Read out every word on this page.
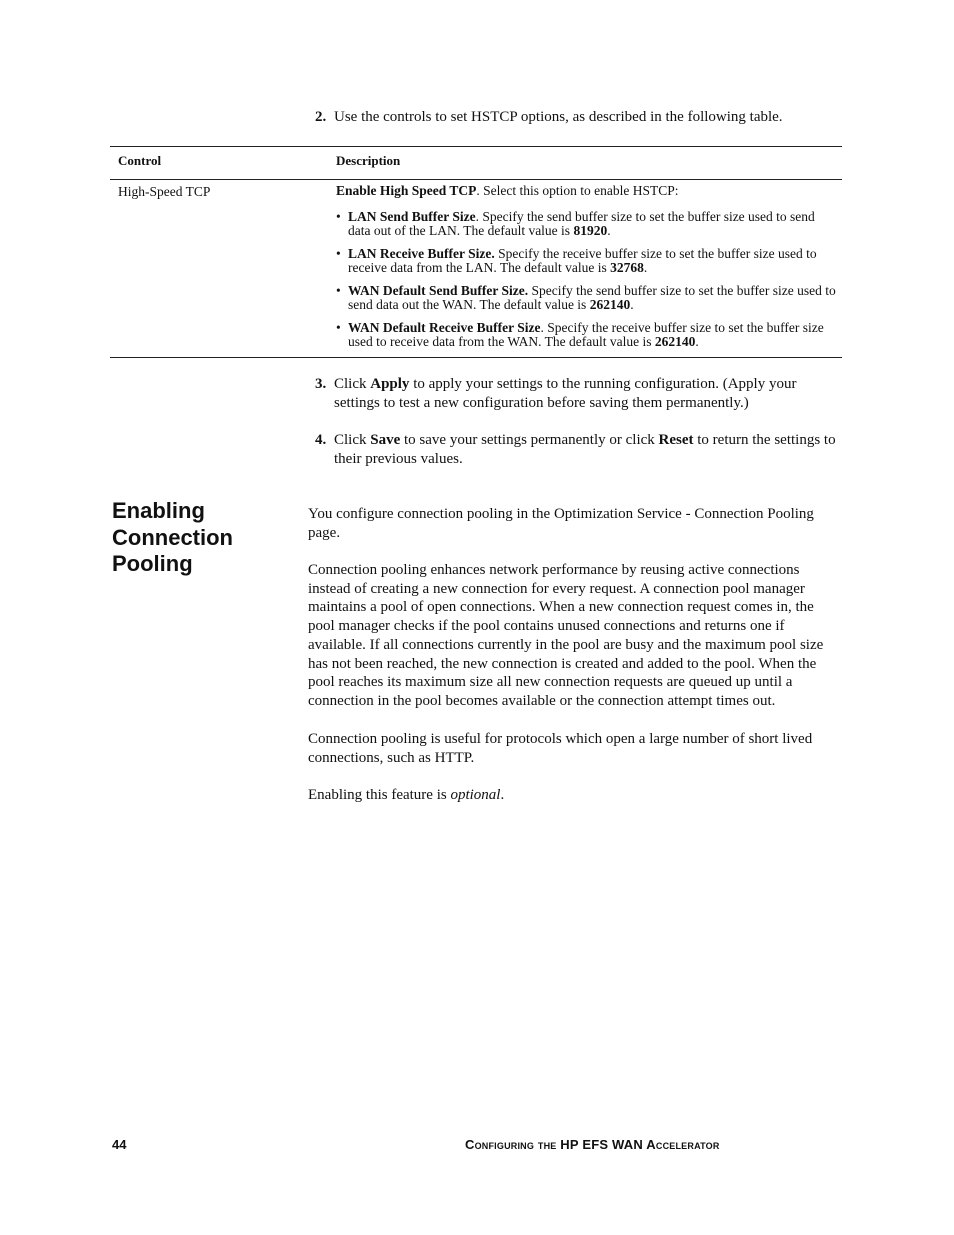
2. Use the controls to set HSTCP options, as described in the following table.
Control	Description
High-Speed TCP	Enable High Speed TCP. Select this option to enable HSTCP:

• LAN Send Buffer Size. Specify the send buffer size to set the buffer size used to send data out of the LAN. The default value is 81920.
• LAN Receive Buffer Size. Specify the receive buffer size to set the buffer size used to receive data from the LAN. The default value is 32768.
• WAN Default Send Buffer Size. Specify the send buffer size to set the buffer size used to send data out the WAN. The default value is 262140.
• WAN Default Receive Buffer Size. Specify the receive buffer size to set the buffer size used to receive data from the WAN. The default value is 262140.
3. Click Apply to apply your settings to the running configuration. (Apply your settings to test a new configuration before saving them permanently.)
4. Click Save to save your settings permanently or click Reset to return the settings to their previous values.
Enabling
Connection
Pooling

You configure connection pooling in the Optimization Service - Connection Pooling page.

Connection pooling enhances network performance by reusing active connections instead of creating a new connection for every request. A connection pool manager maintains a pool of open connections. When a new connection request comes in, the pool manager checks if the pool contains unused connections and returns one if available. If all connections currently in the pool are busy and the maximum pool size has not been reached, the new connection is created and added to the pool. When the pool reaches its maximum size all new connection requests are queued up until a connection in the pool becomes available or the connection attempt times out.

Connection pooling is useful for protocols which open a large number of short lived connections, such as HTTP.

Enabling this feature is optional.

44	Configuring the HP EFS WAN Accelerator
